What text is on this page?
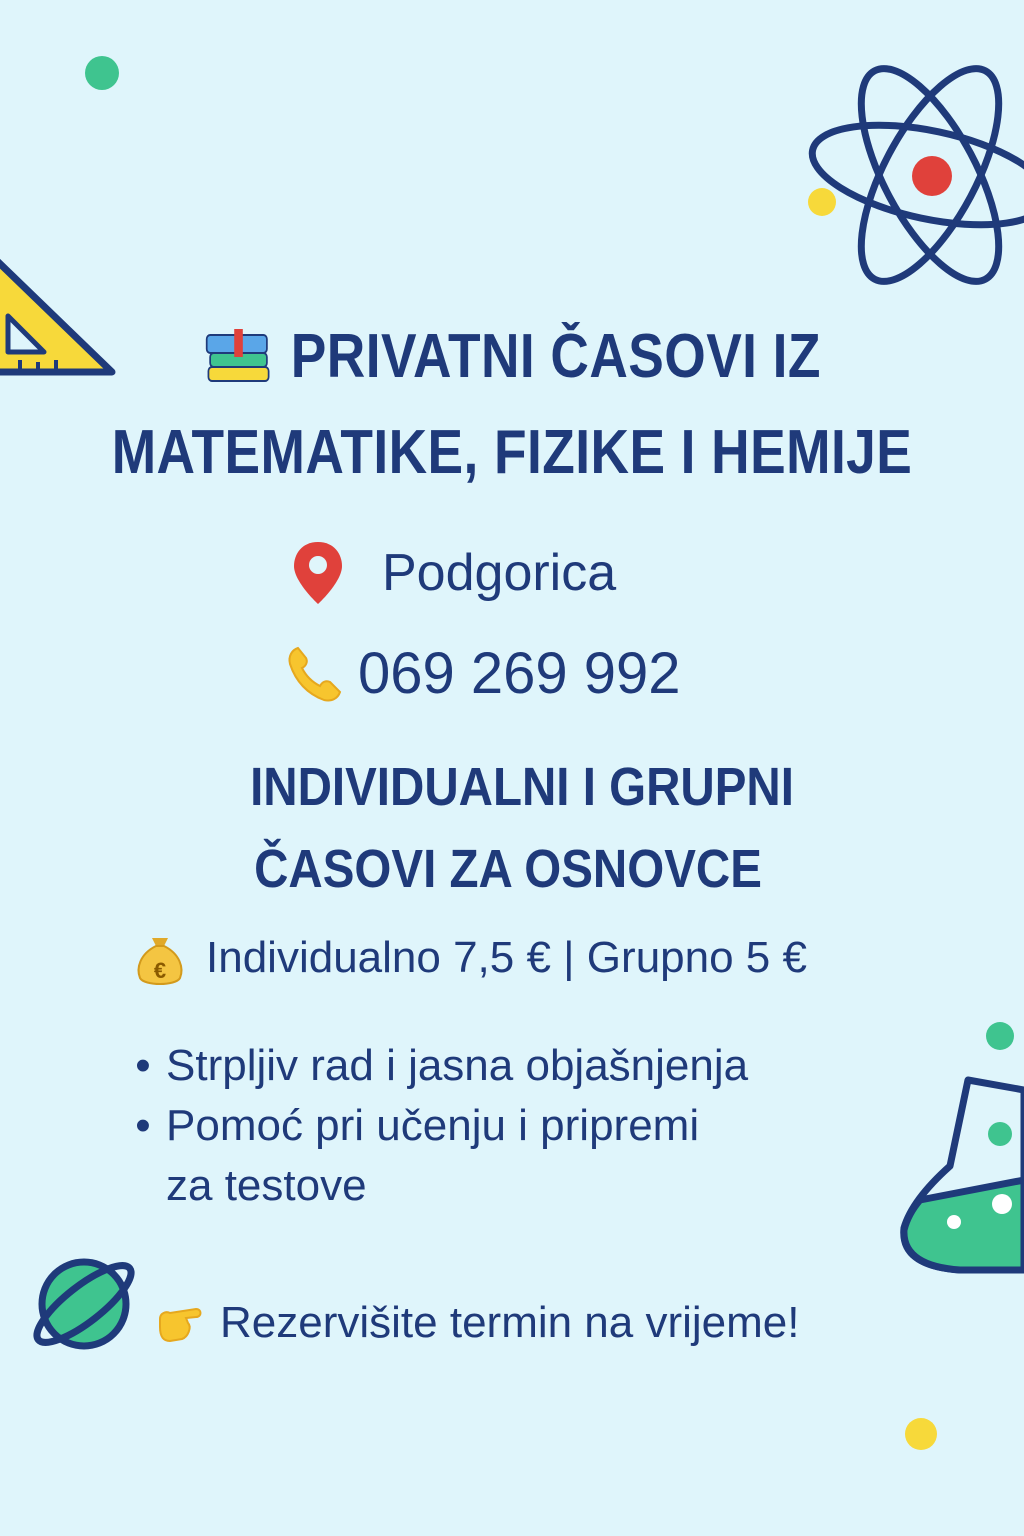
PRIVATNI ČASOVI IZ
MATEMATIKE, FIZIKE I HEMIJE
Podgorica
069 269 992
INDIVIDUALNI I GRUPNI
ČASOVI ZA OSNOVCE
€ Individualno 7,5 € | Grupno 5 €
• Strpljiv rad i jasna objašnjenja
• Pomoć pri učenju i pripremi
za testove
Rezervišite termin na vrijeme!
